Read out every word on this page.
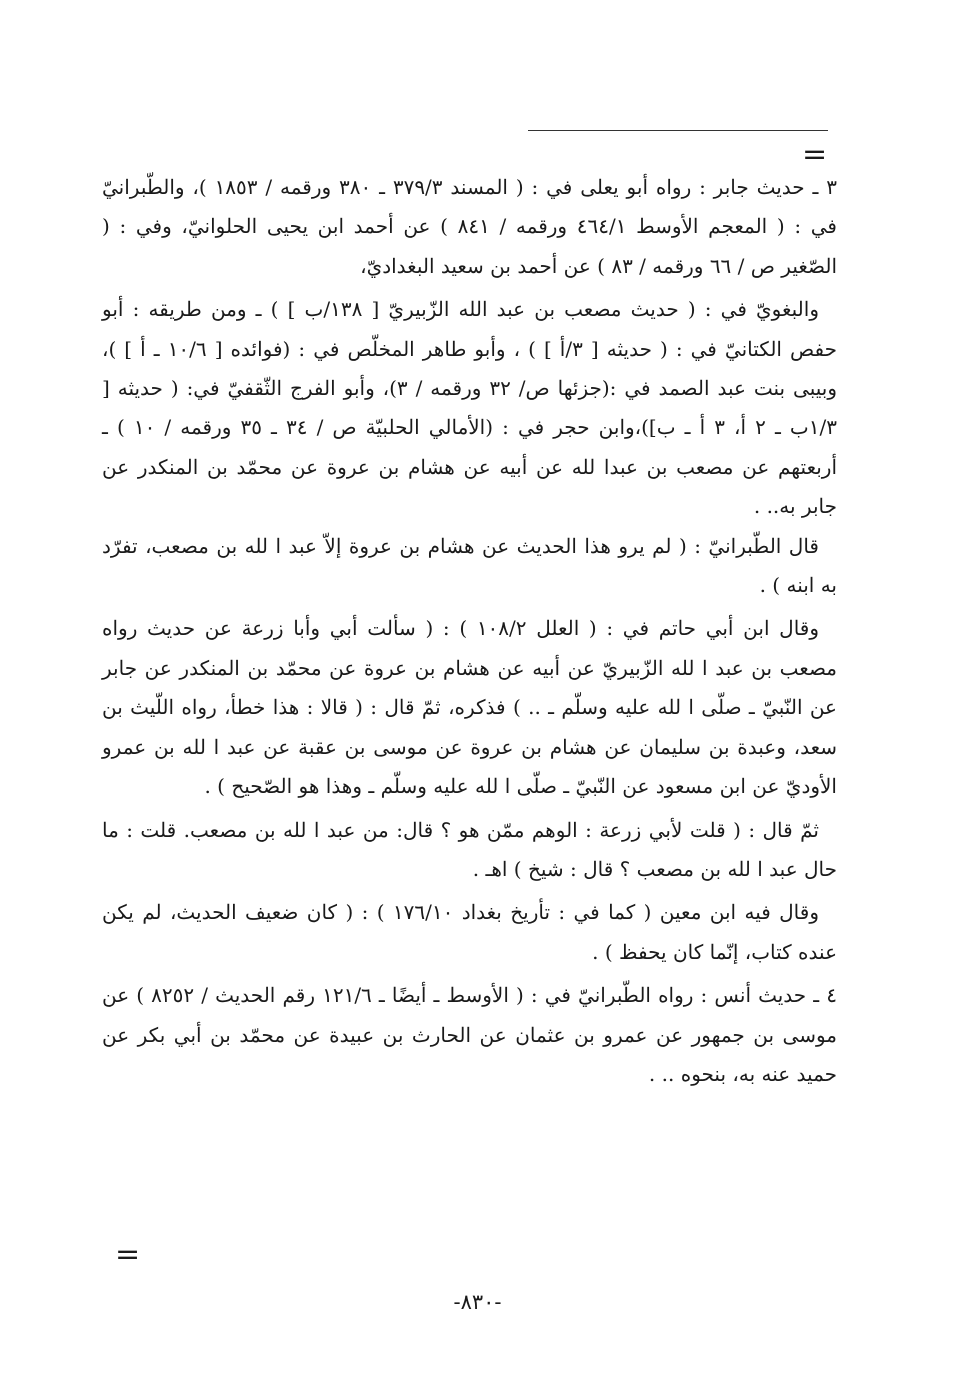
=

٣ ـ حديث جابر : رواه أبو يعلى في : ( المسند ٣٧٩/٣ ـ ٣٨٠ ورقمه / ١٨٥٣ )، والطّبرانيّ في : ( المعجم الأوسط ٤٦٤/١ ورقمه / ٨٤١ ) عن أحمد ابن يحيى الحلوانيّ، وفي : ( الصّغير ص / ٦٦ ورقمه / ٨٣ ) عن أحمد بن سعيد البغداديّ،

والبغويّ في : ( حديث مصعب بن عبد الله الزّبيريّ [ ١٣٨/ب ] ) ـ ومن طريقه : أبو حفص الكتانيّ في : ( حديثه [ ٣/أ ] ) ، وأبو طاهر المخلّص في : (فوائده [ ١٠/٦ ـ أ ] )، وبيبى بنت عبد الصمد في :(جزئها ص/ ٣٢ ورقمه / ٣)، وأبو الفرج الثّقفيّ في: ( حديثه [ ١/٣ب ـ ٢ أ، ٣ أ ـ ب])،وابن حجر في : (الأمالي الحلبيّة ص / ٣٤ ـ ٣٥ ورقمه / ١٠ ) ـ أربعتهم عن مصعب بن عبدا لله عن أبيه عن هشام بن عروة عن محمّد بن المنكدر عن جابر به.. .

قال الطّبرانيّ : ( لم يرو هذا الحديث عن هشام بن عروة إلاّ عبد ا لله بن مصعب، تفرّد به ابنه ) .

وقال ابن أبي حاتم في : ( العلل ١٠٨/٢ ) : ( سألت أبي وأبا زرعة عن حديث رواه مصعب بن عبد ا لله الزّبيريّ عن أبيه عن هشام بن عروة عن محمّد بن المنكدر عن جابر عن النّبيّ ـ صلّى ا لله عليه وسلّم ـ .. ) فذكره، ثمّ قال : ( قالا : هذا خطأ، رواه اللّيث بن سعد، وعبدة بن سليمان عن هشام بن عروة عن موسى بن عقبة عن عبد ا لله بن عمرو الأوديّ عن ابن مسعود عن النّبيّ ـ صلّى ا لله عليه وسلّم ـ وهذا هو الصّحيح ) .

ثمّ قال : ( قلت لأبي زرعة : الوهم ممّن هو ؟ قال: من عبد ا لله بن مصعب. قلت : ما حال عبد ا لله بن مصعب ؟ قال : شيخ ) اهـ .

وقال فيه ابن معين ( كما في : تأريخ بغداد ١٧٦/١٠ ) : ( كان ضعيف الحديث، لم يكن عنده كتاب، إنّما كان يحفظ ) .

٤ ـ حديث أنس : رواه الطّبرانيّ في : ( الأوسط ـ أيضًا ـ ١٢١/٦ رقم الحديث / ٨٢٥٢ ) عن موسى بن جمهور عن عمرو بن عثمان عن الحارث بن عبيدة عن محمّد بن أبي بكر عن حميد عنه به، بنحوه .. .

=
-٨٣٠-
